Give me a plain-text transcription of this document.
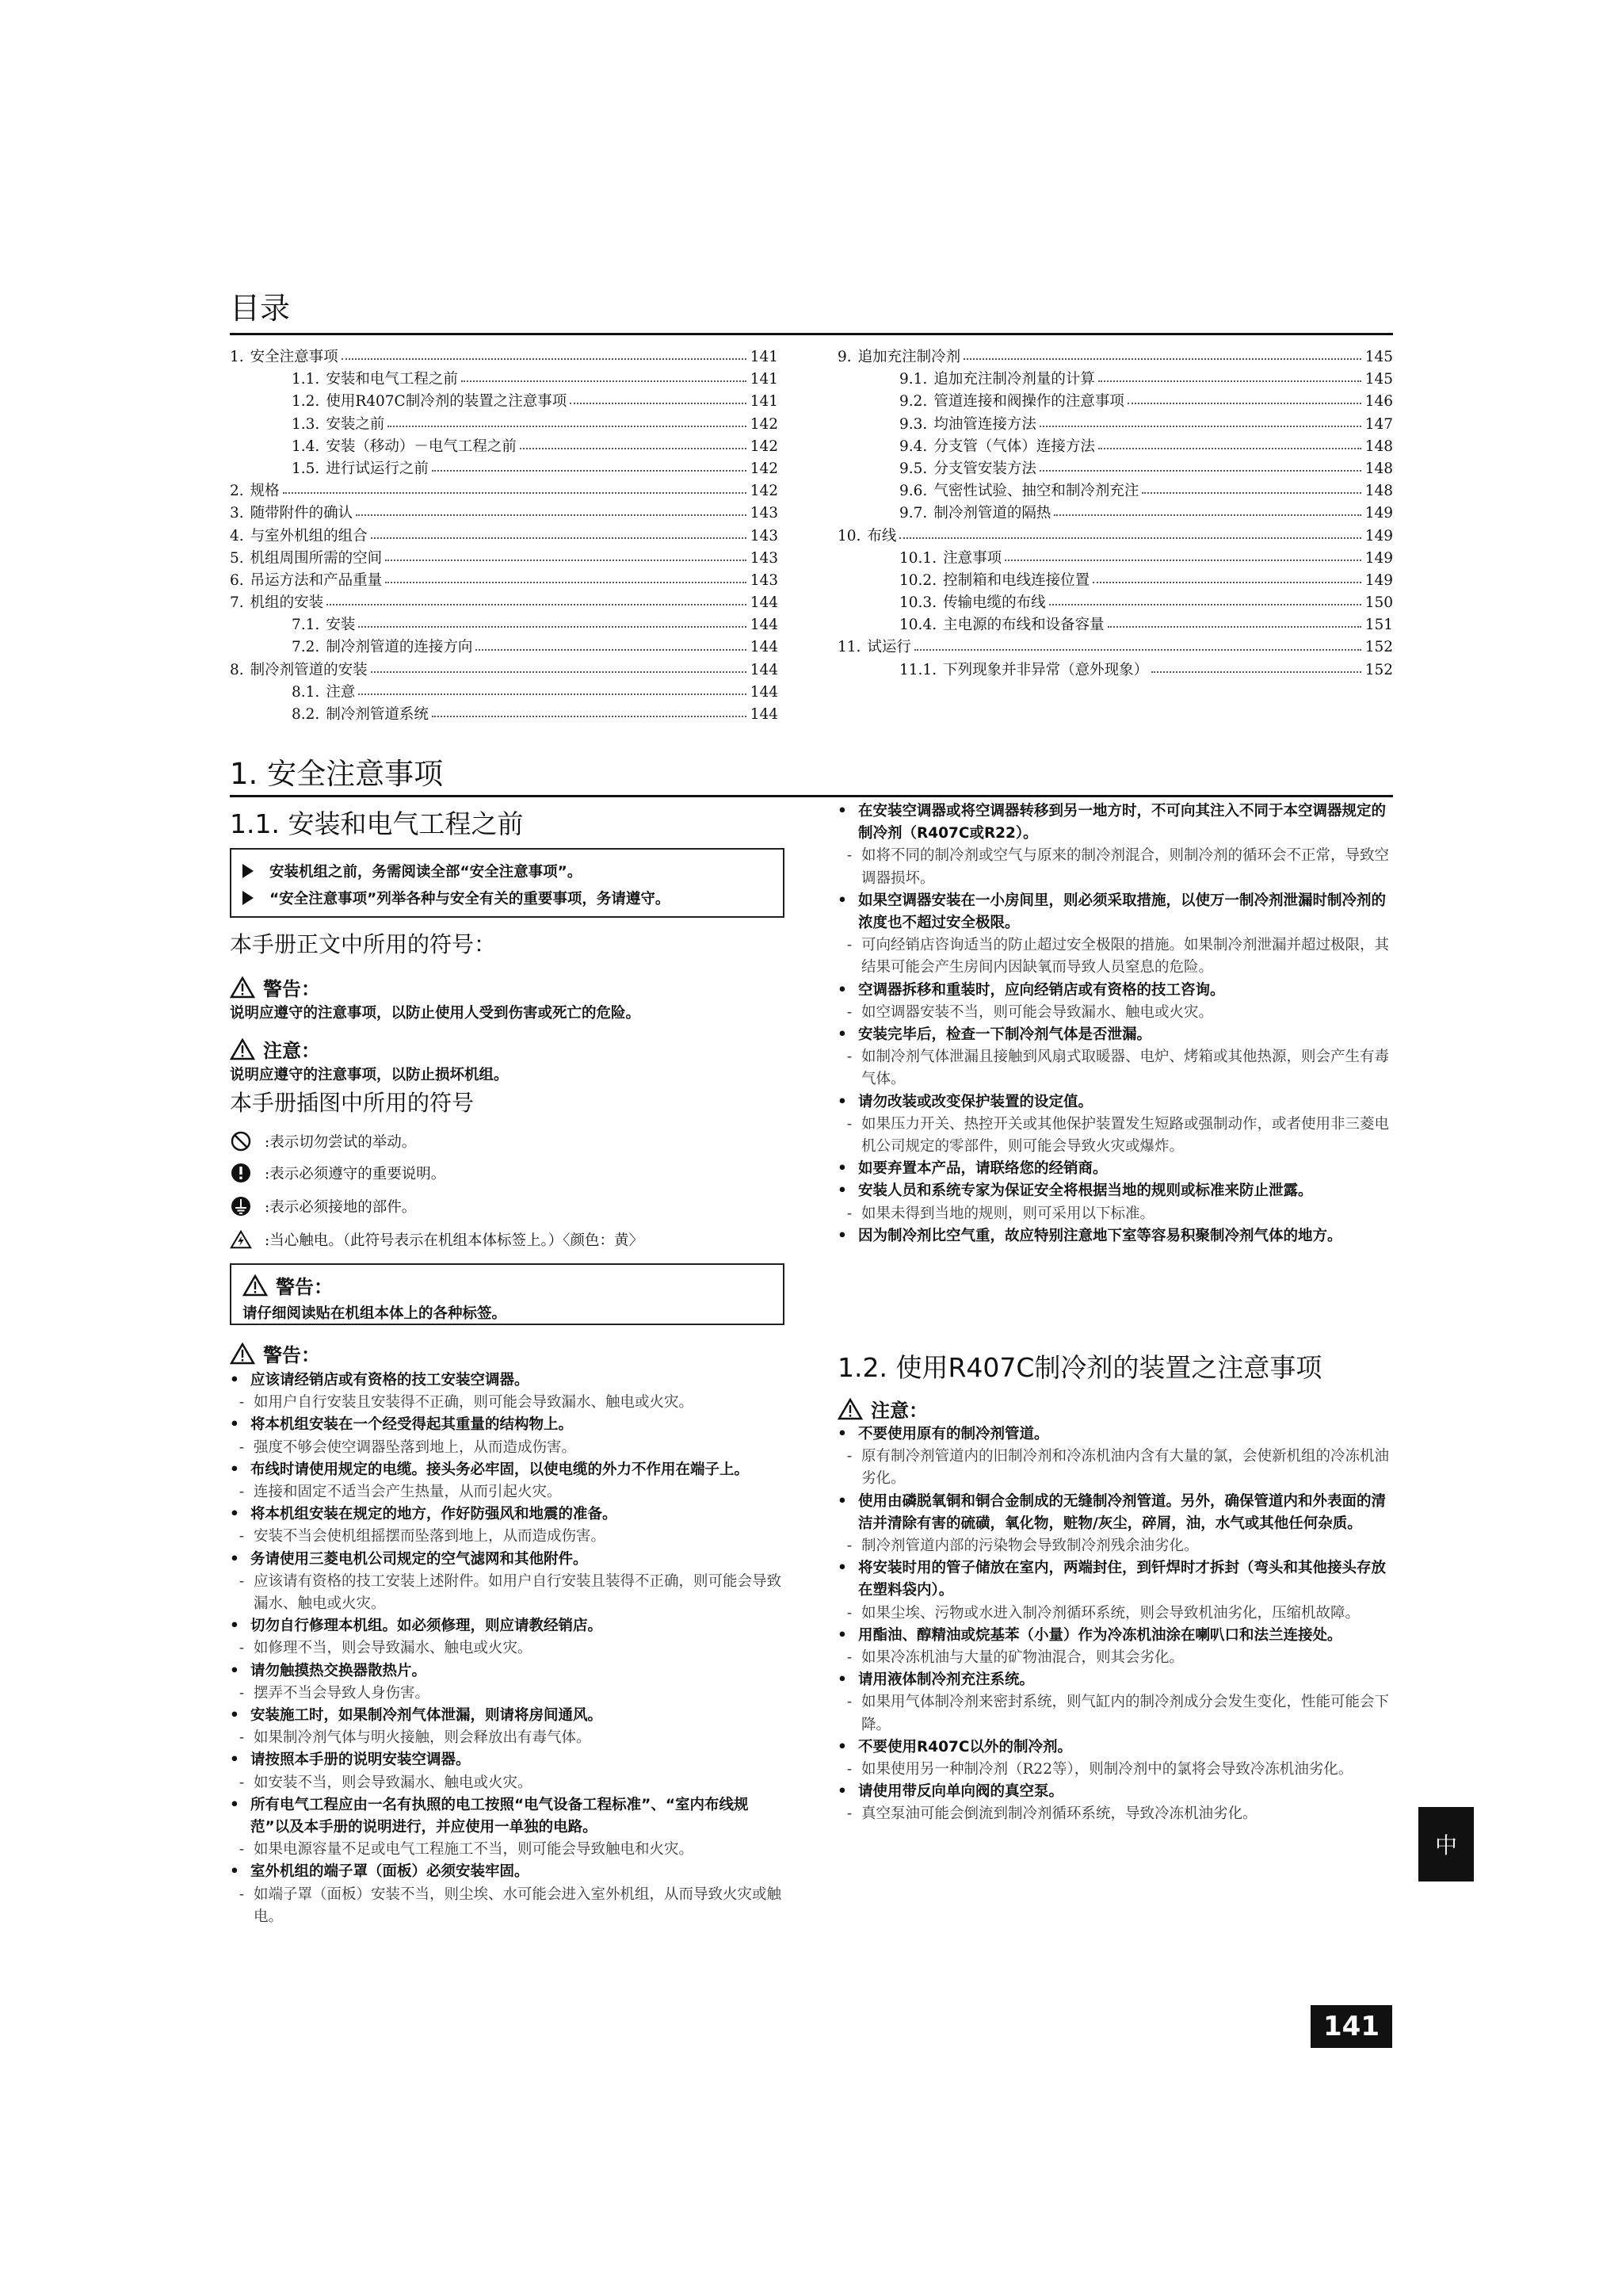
目录
1. 安全注意事项	141
1.1. 安装和电气工程之前	141
1.2. 使用R407C制冷剂的装置之注意事项	141
1.3. 安装之前	142
1.4. 安装（移动）－电气工程之前	142
1.5. 进行试运行之前	142
2. 规格	142
3. 随带附件的确认	143
4. 与室外机组的组合	143
5. 机组周围所需的空间	143
6. 吊运方法和产品重量	143
7. 机组的安装	144
7.1. 安装	144
7.2. 制冷剂管道的连接方向	144
8. 制冷剂管道的安装	144
8.1. 注意	144
8.2. 制冷剂管道系统	144
9. 追加充注制冷剂	145
9.1. 追加充注制冷剂量的计算	145
9.2. 管道连接和阀操作的注意事项	146
9.3. 均油管连接方法	147
9.4. 分支管（气体）连接方法	148
9.5. 分支管安装方法	148
9.6. 气密性试验、抽空和制冷剂充注	148
9.7. 制冷剂管道的隔热	149
10. 布线	149
10.1. 注意事项	149
10.2. 控制箱和电线连接位置	149
10.3. 传输电缆的布线	150
10.4. 主电源的布线和设备容量	151
11. 试运行	152
11.1. 下列现象并非异常（意外现象）	152
1. 安全注意事项
1.1. 安装和电气工程之前
1.2. 使用R407C制冷剂的装置之注意事项
安装机组之前，务需阅读全部“安全注意事项”。
“安全注意事项”列举各种与安全有关的重要事项，务请遵守。
本手册正文中所用的符号：
警告：
说明应遵守的注意事项，以防止使用人受到伤害或死亡的危险。
注意：
说明应遵守的注意事项，以防止损坏机组。
本手册插图中所用的符号
:表示切勿尝试的举动。
:表示必须遵守的重要说明。
:表示必须接地的部件。
:当心触电。（此符号表示在机组本体标签上。）〈颜色：黄〉
警告：
请仔细阅读贴在机组本体上的各种标签。
警告：
• 应该请经销店或有资格的技工安装空调器。
- 如用户自行安装且安装得不正确，则可能会导致漏水、触电或火灾。
• 将本机组安装在一个经受得起其重量的结构物上。
- 强度不够会使空调器坠落到地上，从而造成伤害。
• 布线时请使用规定的电缆。接头务必牢固，以使电缆的外力不作用在端子上。
- 连接和固定不适当会产生热量，从而引起火灾。
• 将本机组安装在规定的地方，作好防强风和地震的准备。
- 安装不当会使机组摇摆而坠落到地上，从而造成伤害。
• 务请使用三菱电机公司规定的空气滤网和其他附件。
- 应该请有资格的技工安装上述附件。如用户自行安装且装得不正确，则可能会导致漏水、触电或火灾。
• 切勿自行修理本机组。如必须修理，则应请教经销店。
- 如修理不当，则会导致漏水、触电或火灾。
• 请勿触摸热交换器散热片。
- 摆弄不当会导致人身伤害。
• 安装施工时，如果制冷剂气体泄漏，则请将房间通风。
- 如果制冷剂气体与明火接触，则会释放出有毒气体。
• 请按照本手册的说明安装空调器。
- 如安装不当，则会导致漏水、触电或火灾。
• 所有电气工程应由一名有执照的电工按照“电气设备工程标准”、“室内布线规范”以及本手册的说明进行，并应使用一单独的电路。
- 如果电源容量不足或电气工程施工不当，则可能会导致触电和火灾。
• 室外机组的端子罩（面板）必须安装牢固。
- 如端子罩（面板）安装不当，则尘埃、水可能会进入室外机组，从而导致火灾或触电。
• 在安装空调器或将空调器转移到另一地方时，不可向其注入不同于本空调器规定的制冷剂（R407C或R22）。
- 如将不同的制冷剂或空气与原来的制冷剂混合，则制冷剂的循环会不正常，导致空调器损坏。
• 如果空调器安装在一小房间里，则必须采取措施，以使万一制冷剂泄漏时制冷剂的浓度也不超过安全极限。
- 可向经销店咨询适当的防止超过安全极限的措施。如果制冷剂泄漏并超过极限，其结果可能会产生房间内因缺氧而导致人员窒息的危险。
• 空调器拆移和重装时，应向经销店或有资格的技工咨询。
- 如空调器安装不当，则可能会导致漏水、触电或火灾。
• 安装完毕后，检查一下制冷剂气体是否泄漏。
- 如制冷剂气体泄漏且接触到风扇式取暖器、电炉、烤箱或其他热源，则会产生有毒气体。
• 请勿改装或改变保护装置的设定值。
- 如果压力开关、热控开关或其他保护装置发生短路或强制动作，或者使用非三菱电机公司规定的零部件，则可能会导致火灾或爆炸。
• 如要弃置本产品，请联络您的经销商。
• 安装人员和系统专家为保证安全将根据当地的规则或标准来防止泄露。
- 如果未得到当地的规则，则可采用以下标准。
• 因为制冷剂比空气重，故应特别注意地下室等容易积聚制冷剂气体的地方。
注意：
• 不要使用原有的制冷剂管道。
- 原有制冷剂管道内的旧制冷剂和冷冻机油内含有大量的氯，会使新机组的冷冻机油劣化。
• 使用由磷脱氧铜和铜合金制成的无缝制冷剂管道。另外，确保管道内和外表面的清洁并清除有害的硫磺，氧化物，赃物/灰尘，碎屑，油，水气或其他任何杂质。
- 制冷剂管道内部的污染物会导致制冷剂残余油劣化。
• 将安装时用的管子储放在室内，两端封住，到钎焊时才拆封（弯头和其他接头存放在塑料袋内）。
- 如果尘埃、污物或水进入制冷剂循环系统，则会导致机油劣化，压缩机故障。
• 用酯油、醇精油或烷基苯（小量）作为冷冻机油涂在喇叭口和法兰连接处。
- 如果冷冻机油与大量的矿物油混合，则其会劣化。
• 请用液体制冷剂充注系统。
- 如果用气体制冷剂来密封系统，则气缸内的制冷剂成分会发生变化，性能可能会下降。
• 不要使用R407C以外的制冷剂。
- 如果使用另一种制冷剂（R22等），则制冷剂中的氯将会导致冷冻机油劣化。
• 请使用带反向单向阀的真空泵。
- 真空泵油可能会倒流到制冷剂循环系统，导致冷冻机油劣化。
中
141
